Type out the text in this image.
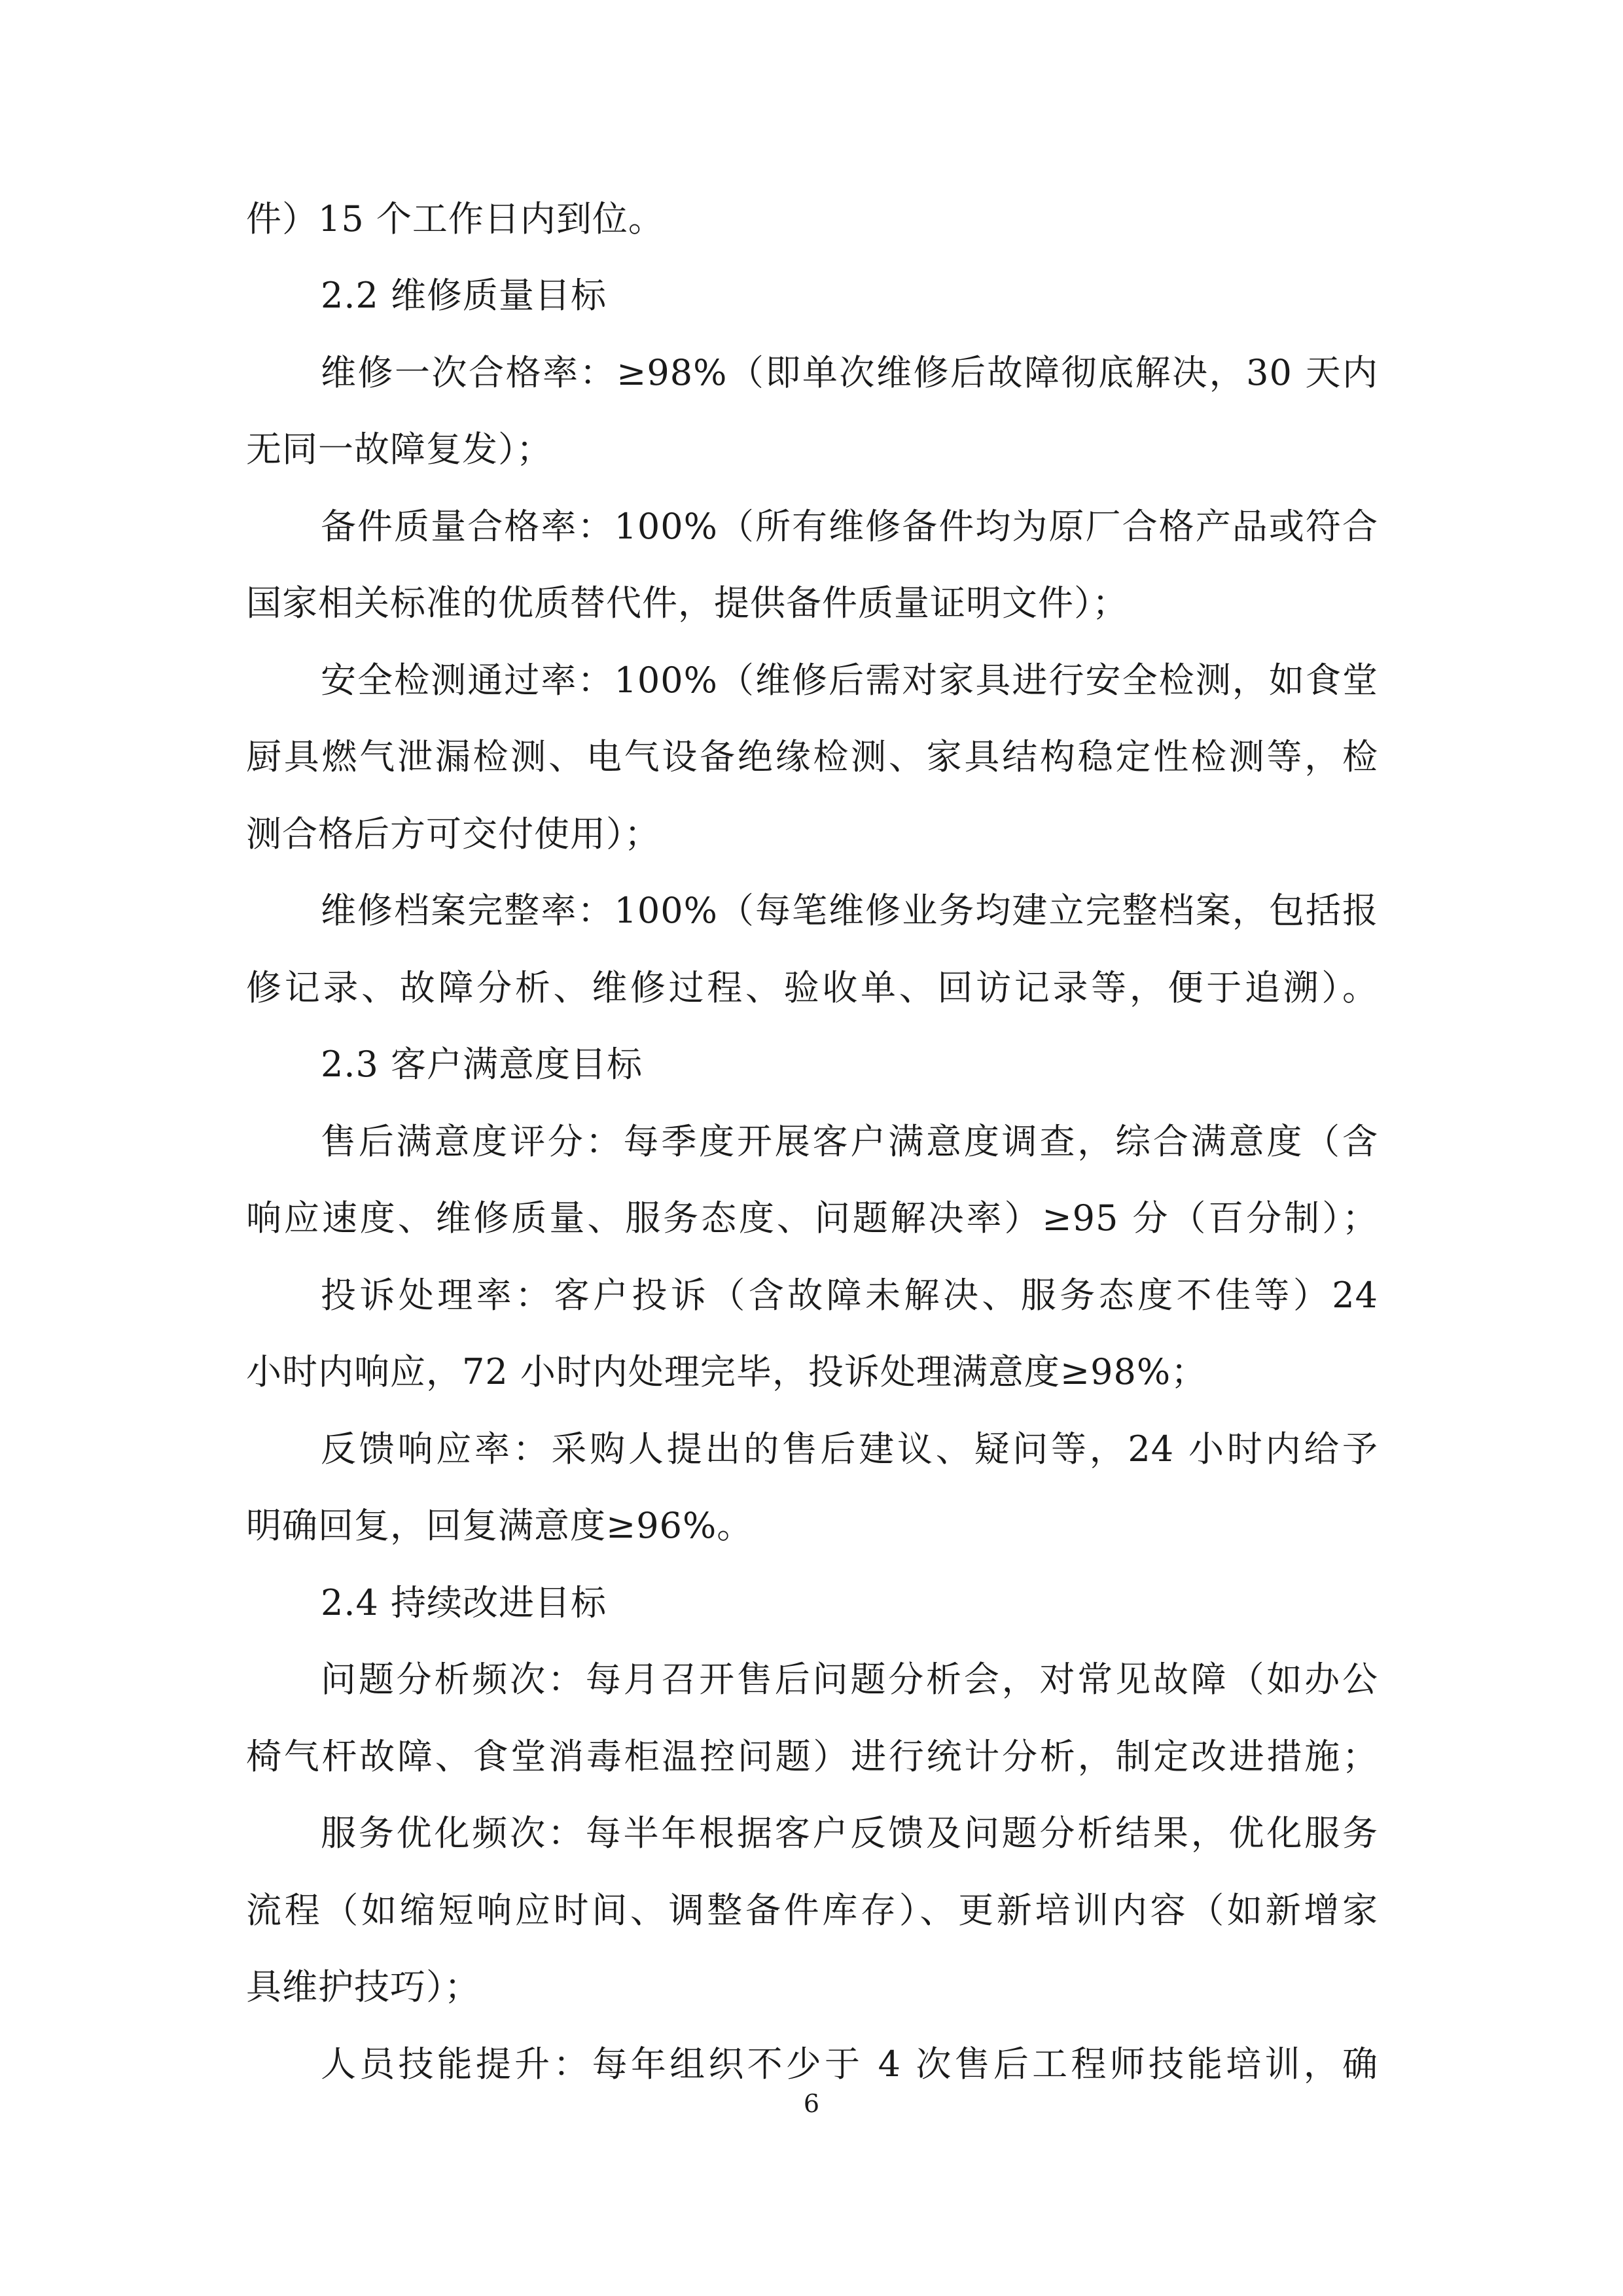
件）15 个工作日内到位。
2.2 维修质量目标
维修一次合格率：≥98%（即单次维修后故障彻底解决，30 天内
无同一故障复发）；
备件质量合格率：100%（所有维修备件均为原厂合格产品或符合
国家相关标准的优质替代件，提供备件质量证明文件）；
安全检测通过率：100%（维修后需对家具进行安全检测，如食堂
厨具燃气泄漏检测、电气设备绝缘检测、家具结构稳定性检测等，检
测合格后方可交付使用）；
维修档案完整率：100%（每笔维修业务均建立完整档案，包括报
修记录、故障分析、维修过程、验收单、回访记录等，便于追溯）。
2.3 客户满意度目标
售后满意度评分：每季度开展客户满意度调查，综合满意度（含
响应速度、维修质量、服务态度、问题解决率）≥95 分（百分制）；
投诉处理率：客户投诉（含故障未解决、服务态度不佳等）24
小时内响应，72 小时内处理完毕，投诉处理满意度≥98%；
反馈响应率：采购人提出的售后建议、疑问等，24 小时内给予
明确回复，回复满意度≥96%。
2.4 持续改进目标
问题分析频次：每月召开售后问题分析会，对常见故障（如办公
椅气杆故障、食堂消毒柜温控问题）进行统计分析，制定改进措施；
服务优化频次：每半年根据客户反馈及问题分析结果，优化服务
流程（如缩短响应时间、调整备件库存）、更新培训内容（如新增家
具维护技巧）；
人员技能提升：每年组织不少于 4 次售后工程师技能培训，确
6
